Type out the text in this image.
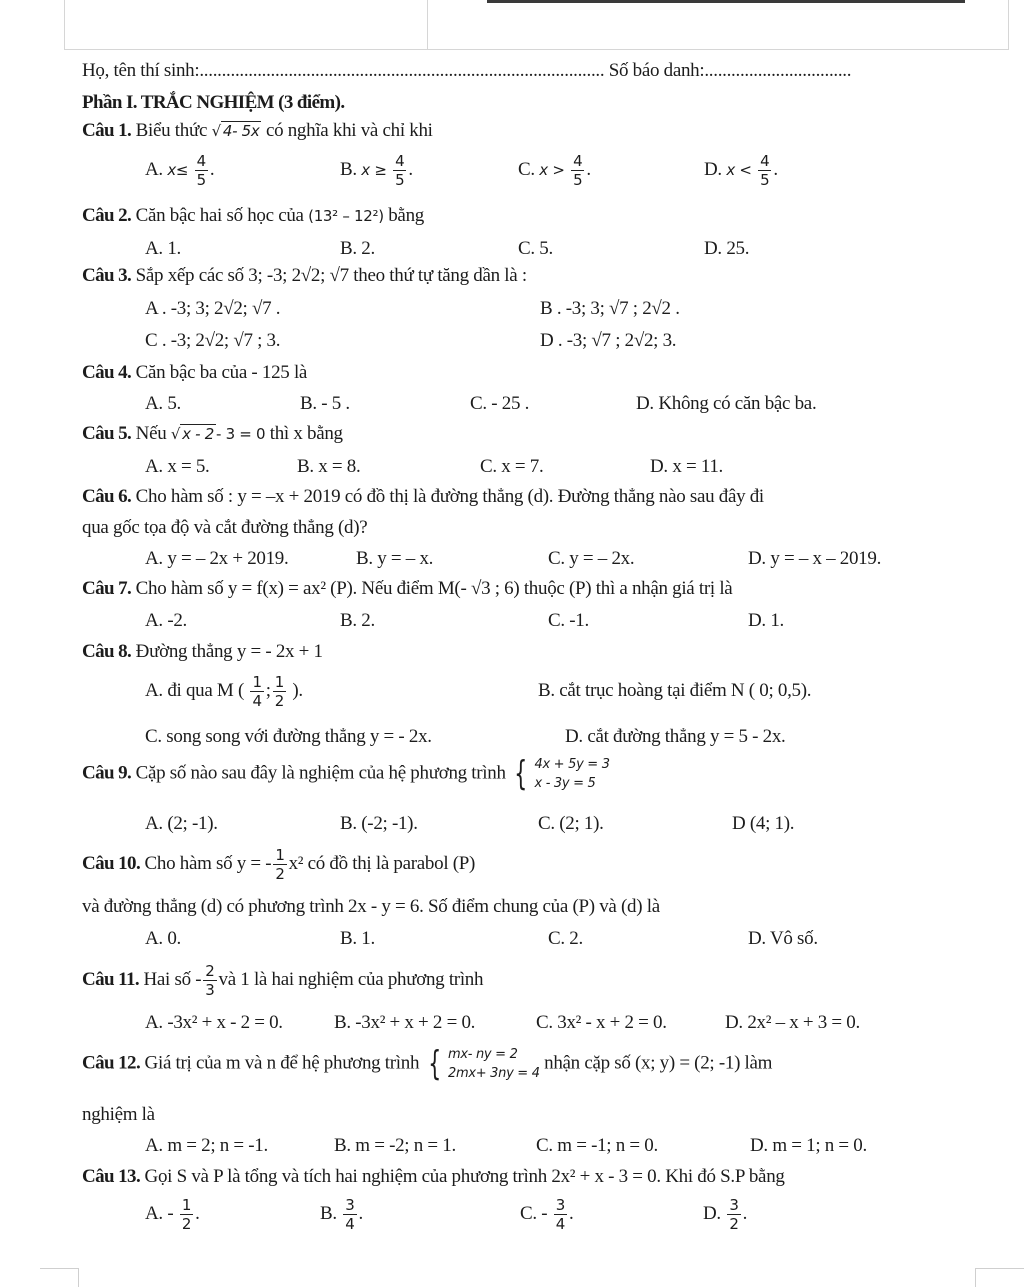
Họ, tên thí sinh:........................................................................................... Số báo danh:.................................
Phần I. TRẮC NGHIỆM (3 điểm).
Câu 1. Biểu thức √ 4- 5x có nghĩa khi và chỉ khi
A. $x\le \frac{4}{5}$ .	B. $x \ge \frac{4}{5}$ .	C. $x > \frac{4}{5}$ .	D. $x < \frac{4}{5}$ .
Câu 2. Căn bậc hai số học của (13² – 12²) bằng
A. 1.	B. 2.	C. 5.	D. 25.
Câu 3. Sắp xếp các số 3; -3; 2√2; √7 theo thứ tự tăng dần là :
A . -3; 3; 2√2; √7 .	B . -3; 3; √7 ; 2√2 .
C . -3; 2√2; √7 ; 3.	D . -3; √7 ; 2√2; 3.
Câu 4. Căn bậc ba của - 125 là
A. 5.	B. - 5 .	C. - 25 .	D. Không có căn bậc ba.
Câu 5. Nếu √ x - 2 - 3 = 0 thì x bằng
A. x = 5.	B. x = 8.	C. x = 7.	D. x = 11.
Câu 6. Cho hàm số : y = –x + 2019 có đồ thị là đường thẳng (d). Đường thẳng nào sau đây đi
qua gốc tọa độ và cắt đường thẳng (d)?
A. y = – 2x + 2019.	B. y = – x.	C. y = – 2x.	D. y = – x – 2019.
Câu 7. Cho hàm số y = f(x) = ax² (P). Nếu điểm M(- √3 ; 6) thuộc (P) thì a nhận giá trị là
A. -2.	B. 2.	C. -1.	D. 1.
Câu 8. Đường thẳng y = - 2x + 1
A. đi qua M ( $\frac{1}{4}$ ; $\frac{1}{2}$ ).	B. cắt trục hoàng tại điểm N ( 0; 0,5).
C. song song với đường thẳng y = - 2x.	D. cắt đường thẳng y = 5 - 2x.
Câu 9. Cặp số nào sau đây là nghiệm của hệ phương trình { 4x + 5y = 3
x - 3y = 5
A. (2; -1).	B. (-2; -1).	C. (2; 1).	D (4; 1).
Câu 10. Cho hàm số y = - $\frac{1}{2} x^2$ có đồ thị là parabol (P)
và đường thẳng (d) có phương trình 2x - y = 6. Số điểm chung của (P) và (d) là
A. 0.	B. 1.	C. 2.	D. Vô số.
Câu 11. Hai số - $\frac{2}{3}$ và 1 là hai nghiệm của phương trình
A. -3x² + x - 2 = 0.	B. -3x² + x + 2 = 0.	C. 3x² - x + 2 = 0.	D. 2x² – x + 3 = 0.
Câu 12. Giá trị của m và n để hệ phương trình { mx- ny = 2
2mx+ 3ny = 4
nhận cặp số (x; y) = (2; -1) làm
nghiệm là
A. m = 2; n = -1.	B. m = -2; n = 1.	C. m = -1; n = 0.	D. m = 1; n = 0.
Câu 13. Gọi S và P là tổng và tích hai nghiệm của phương trình 2x² + x - 3 = 0. Khi đó S.P bằng
A. - $\frac{1}{2}$ .	B. $\frac{3}{4}$ .	C. - $\frac{3}{4}$ .	D. $\frac{3}{2}$ .
